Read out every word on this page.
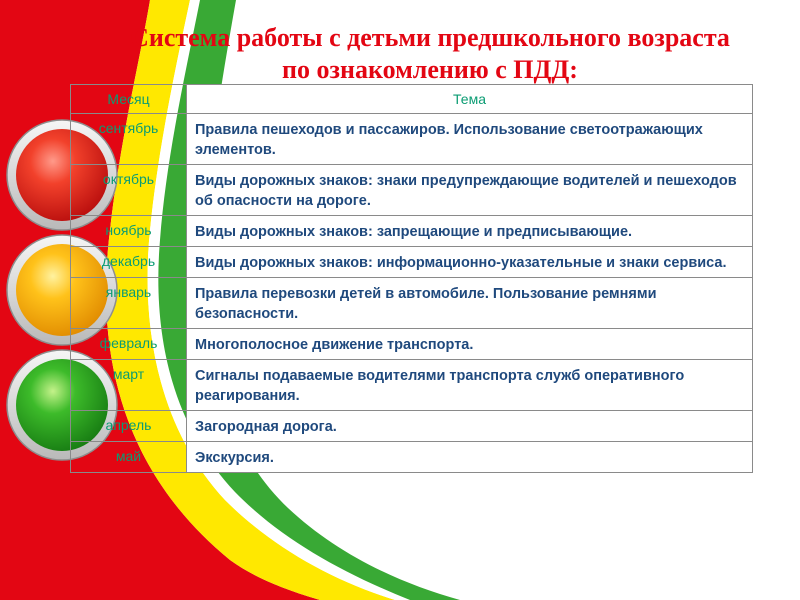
Система работы с детьми предшкольного возраста по ознакомлению с ПДД:
Месяц	Тема
сентябрь	Правила пешеходов и пассажиров. Использование светоотражающих элементов.
октябрь	Виды дорожных знаков: знаки предупреждающие водителей и пешеходов об опасности на дороге.
ноябрь	Виды дорожных знаков: запрещающие и предписывающие.
декабрь	Виды дорожных знаков: информационно-указательные и знаки сервиса.
январь	Правила перевозки детей в автомобиле. Пользование ремнями безопасности.
февраль	Многополосное движение транспорта.
март	Сигналы подаваемые водителями транспорта служб оперативного реагирования.
апрель	Загородная дорога.
май	Экскурсия.
